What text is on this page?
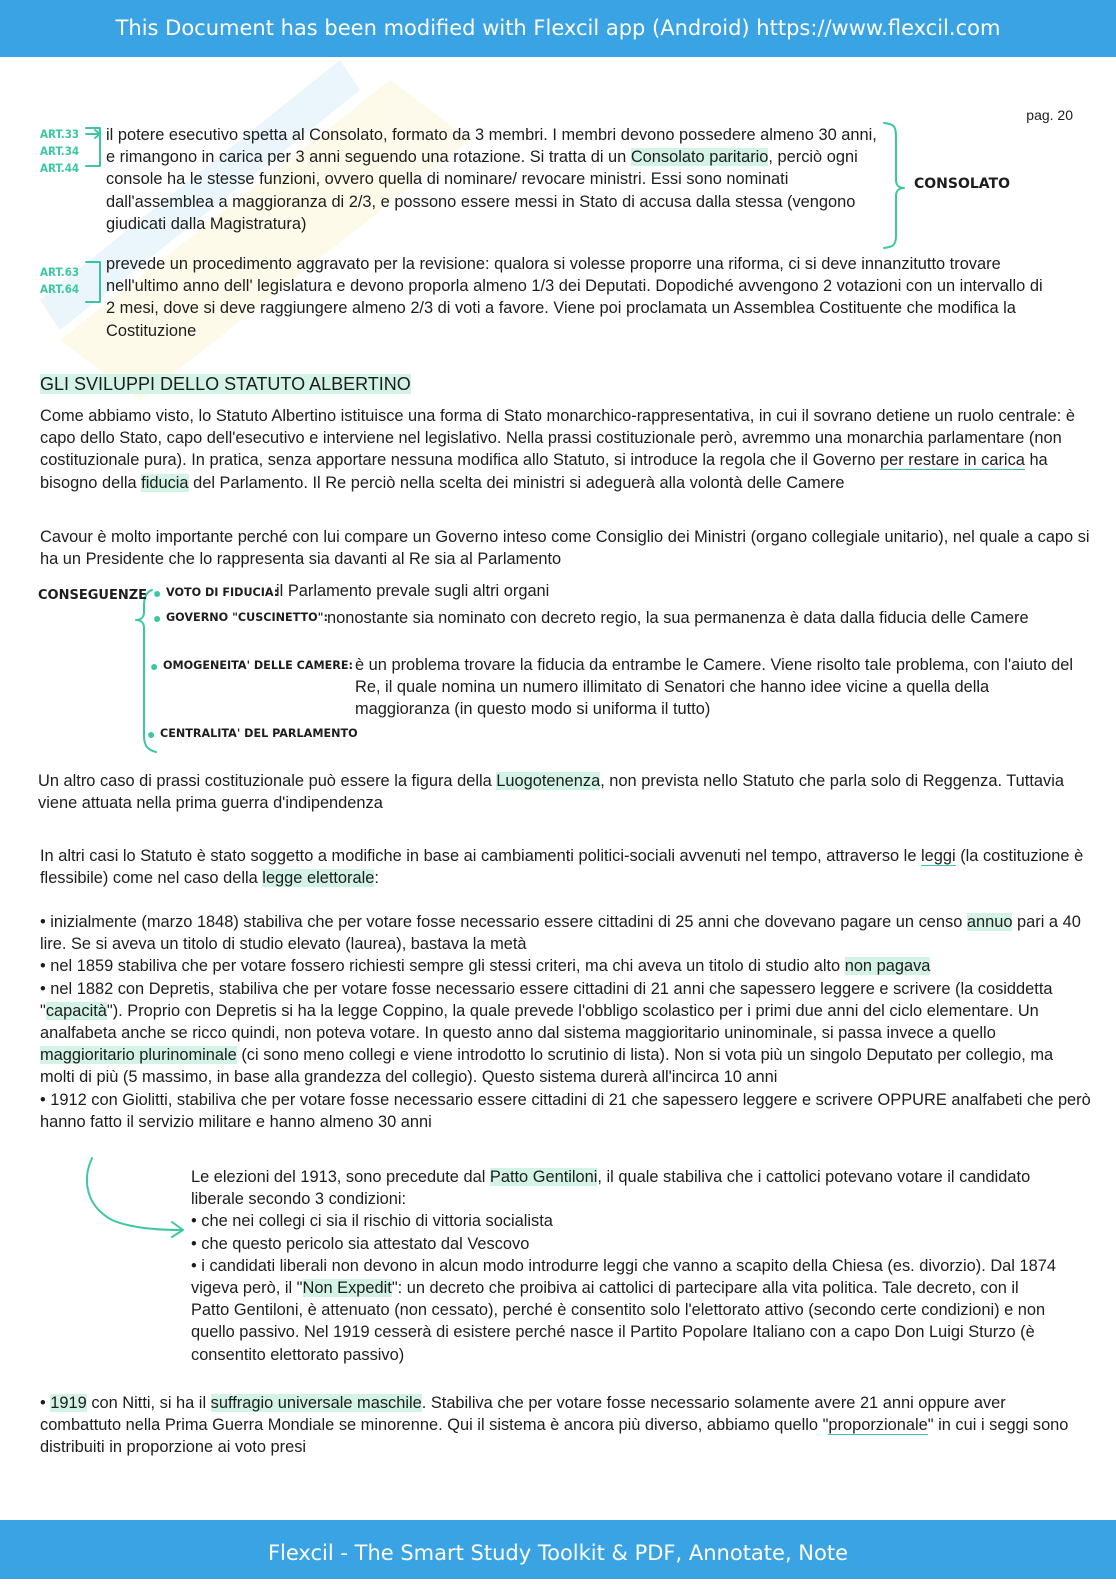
This Document has been modified with Flexcil app (Android) https://www.flexcil.com
pag. 20
ART.33
ART.34
ART.44
il potere esecutivo spetta al Consolato, formato da 3 membri. I membri devono possedere almeno 30 anni, e rimangono in carica per 3 anni seguendo una rotazione. Si tratta di un Consolato paritario, perciò ogni console ha le stesse funzioni, ovvero quella di nominare/ revocare ministri. Essi sono nominati dall'assemblea a maggioranza di 2/3, e possono essere messi in Stato di accusa dalla stessa (vengono giudicati dalla Magistratura)
CONSOLATO
ART.63
ART.64
prevede un procedimento aggravato per la revisione: qualora si volesse proporre una riforma, ci si deve innanzitutto trovare nell'ultimo anno dell' legislatura e devono proporla almeno 1/3 dei Deputati. Dopodiché avvengono 2 votazioni con un intervallo di 2 mesi, dove si deve raggiungere almeno 2/3 di voti a favore. Viene poi proclamata un Assemblea Costituente che modifica la Costituzione
GLI SVILUPPI DELLO STATUTO ALBERTINO
Come abbiamo visto, lo Statuto Albertino istituisce una forma di Stato monarchico-rappresentativa, in cui il sovrano detiene un ruolo centrale: è capo dello Stato, capo dell'esecutivo e interviene nel legislativo. Nella prassi costituzionale però, avremmo una monarchia parlamentare (non costituzionale pura). In pratica, senza apportare nessuna modifica allo Statuto, si introduce la regola che il Governo per restare in carica ha bisogno della fiducia del Parlamento. Il Re perciò nella scelta dei ministri si adeguerà alla volontà delle Camere
Cavour è molto importante perché con lui compare un Governo inteso come Consiglio dei Ministri (organo collegiale unitario), nel quale a capo si ha un Presidente che lo rappresenta sia davanti al Re sia al Parlamento
CONSEGUENZE ● VOTO DI FIDUCIA:
il Parlamento prevale sugli altri organi
● GOVERNO "CUSCINETTO": nonostante sia nominato con decreto regio, la sua permanenza è data dalla fiducia delle Camere
● OMOGENEITA' DELLE CAMERE: è un problema trovare la fiducia da entrambe le Camere. Viene risolto tale problema, con l'aiuto del Re, il quale nomina un numero illimitato di Senatori che hanno idee vicine a quella della maggioranza (in questo modo si uniforma il tutto)
● CENTRALITA' DEL PARLAMENTO
Un altro caso di prassi costituzionale può essere la figura della Luogotenenza, non prevista nello Statuto che parla solo di Reggenza. Tuttavia viene attuata nella prima guerra d'indipendenza
In altri casi lo Statuto è stato soggetto a modifiche in base ai cambiamenti politici-sociali avvenuti nel tempo, attraverso le leggi (la costituzione è flessibile) come nel caso della legge elettorale:
• inizialmente (marzo 1848) stabiliva che per votare fosse necessario essere cittadini di 25 anni che dovevano pagare un censo annuo pari a 40 lire. Se si aveva un titolo di studio elevato (laurea), bastava la metà
• nel 1859 stabiliva che per votare fossero richiesti sempre gli stessi criteri, ma chi aveva un titolo di studio alto non pagava
• nel 1882 con Depretis, stabiliva che per votare fosse necessario essere cittadini di 21 anni che sapessero leggere e scrivere (la cosiddetta "capacità"). Proprio con Depretis si ha la legge Coppino, la quale prevede l'obbligo scolastico per i primi due anni del ciclo elementare. Un analfabeta anche se ricco quindi, non poteva votare. In questo anno dal sistema maggioritario uninominale, si passa invece a quello maggioritario plurinominale (ci sono meno collegi e viene introdotto lo scrutinio di lista). Non si vota più un singolo Deputato per collegio, ma molti di più (5 massimo, in base alla grandezza del collegio). Questo sistema durerà all'incirca 10 anni
• 1912 con Giolitti, stabiliva che per votare fosse necessario essere cittadini di 21 che sapessero leggere e scrivere OPPURE analfabeti che però hanno fatto il servizio militare e hanno almeno 30 anni
Le elezioni del 1913, sono precedute dal Patto Gentiloni, il quale stabiliva che i cattolici potevano votare il candidato liberale secondo 3 condizioni:
• che nei collegi ci sia il rischio di vittoria socialista
• che questo pericolo sia attestato dal Vescovo
• i candidati liberali non devono in alcun modo introdurre leggi che vanno a scapito della Chiesa (es. divorzio). Dal 1874 vigeva però, il "Non Expedit": un decreto che proibiva ai cattolici di partecipare alla vita politica. Tale decreto, con il Patto Gentiloni, è attenuato (non cessato), perché è consentito solo l'elettorato attivo (secondo certe condizioni) e non quello passivo. Nel 1919 cesserà di esistere perché nasce il Partito Popolare Italiano con a capo Don Luigi Sturzo (è consentito elettorato passivo)
• 1919 con Nitti, si ha il suffragio universale maschile. Stabiliva che per votare fosse necessario solamente avere 21 anni oppure aver combattuto nella Prima Guerra Mondiale se minorenne. Qui il sistema è ancora più diverso, abbiamo quello "proporzionale" in cui i seggi sono distribuiti in proporzione ai voto presi
Flexcil - The Smart Study Toolkit & PDF, Annotate, Note
